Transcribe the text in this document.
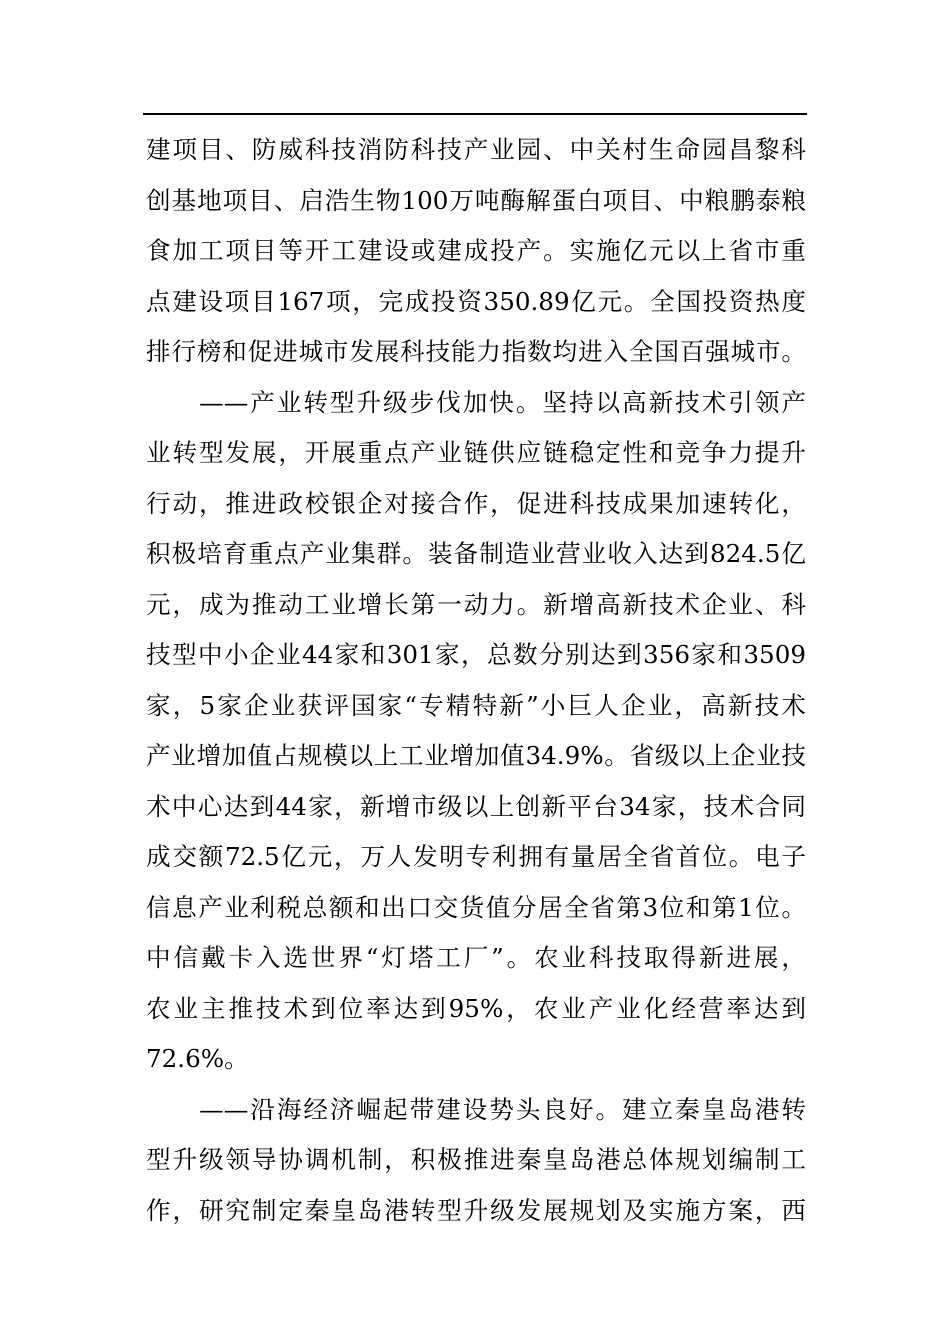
建项目、防威科技消防科技产业园、中关村生命园昌黎科
创基地项目、启浩生物100万吨酶解蛋白项目、中粮鹏泰粮
食加工项目等开工建设或建成投产。实施亿元以上省市重
点建设项目167项，完成投资350.89亿元。全国投资热度
排行榜和促进城市发展科技能力指数均进入全国百强城市。
　　——产业转型升级步伐加快。坚持以高新技术引领产
业转型发展，开展重点产业链供应链稳定性和竞争力提升
行动，推进政校银企对接合作，促进科技成果加速转化，
积极培育重点产业集群。装备制造业营业收入达到824.5亿
元，成为推动工业增长第一动力。新增高新技术企业、科
技型中小企业44家和301家，总数分别达到356家和3509
家，5家企业获评国家“专精特新”小巨人企业，高新技术
产业增加值占规模以上工业增加值34.9%。省级以上企业技
术中心达到44家，新增市级以上创新平台34家，技术合同
成交额72.5亿元，万人发明专利拥有量居全省首位。电子
信息产业利税总额和出口交货值分居全省第3位和第1位。
中信戴卡入选世界“灯塔工厂”。农业科技取得新进展，
农业主推技术到位率达到95%，农业产业化经营率达到
72.6%。
　　——沿海经济崛起带建设势头良好。建立秦皇岛港转
型升级领导协调机制，积极推进秦皇岛港总体规划编制工
作，研究制定秦皇岛港转型升级发展规划及实施方案，西
